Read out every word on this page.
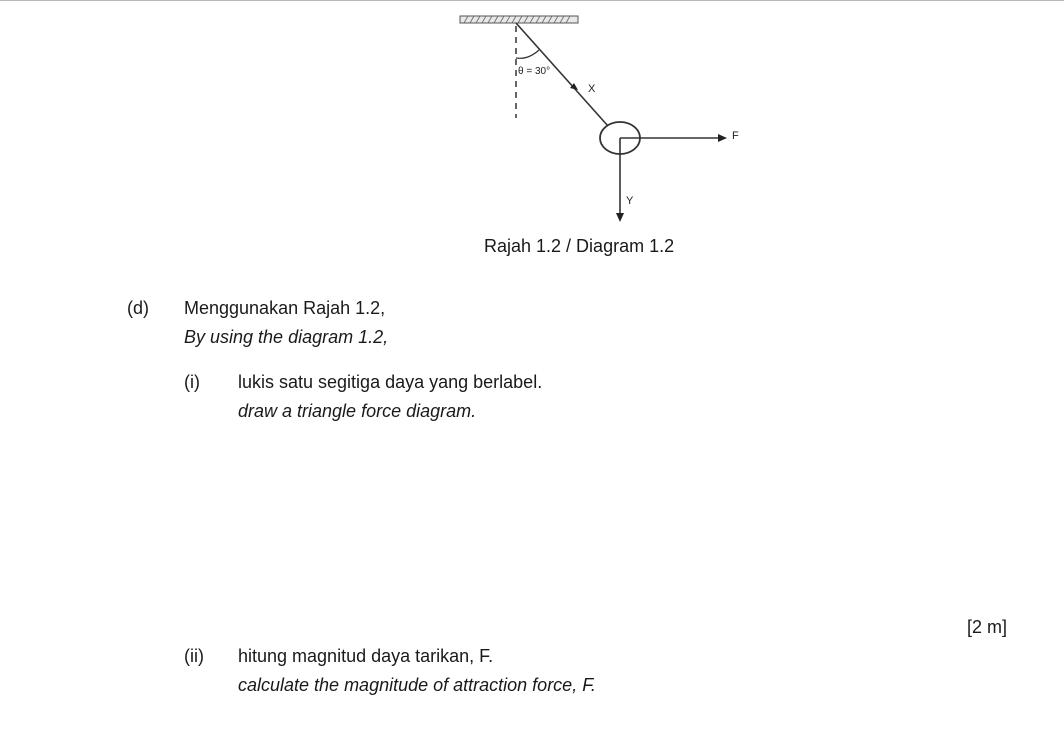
θ = 30°
X
F
Y
Rajah 1.2 / Diagram 1.2
(d) Menggunakan Rajah 1.2,
By using the diagram 1.2,
(i) lukis satu segitiga daya yang berlabel.
draw a triangle force diagram.
[2 m]
(ii) hitung magnitud daya tarikan, F.
calculate the magnitude of attraction force, F.
